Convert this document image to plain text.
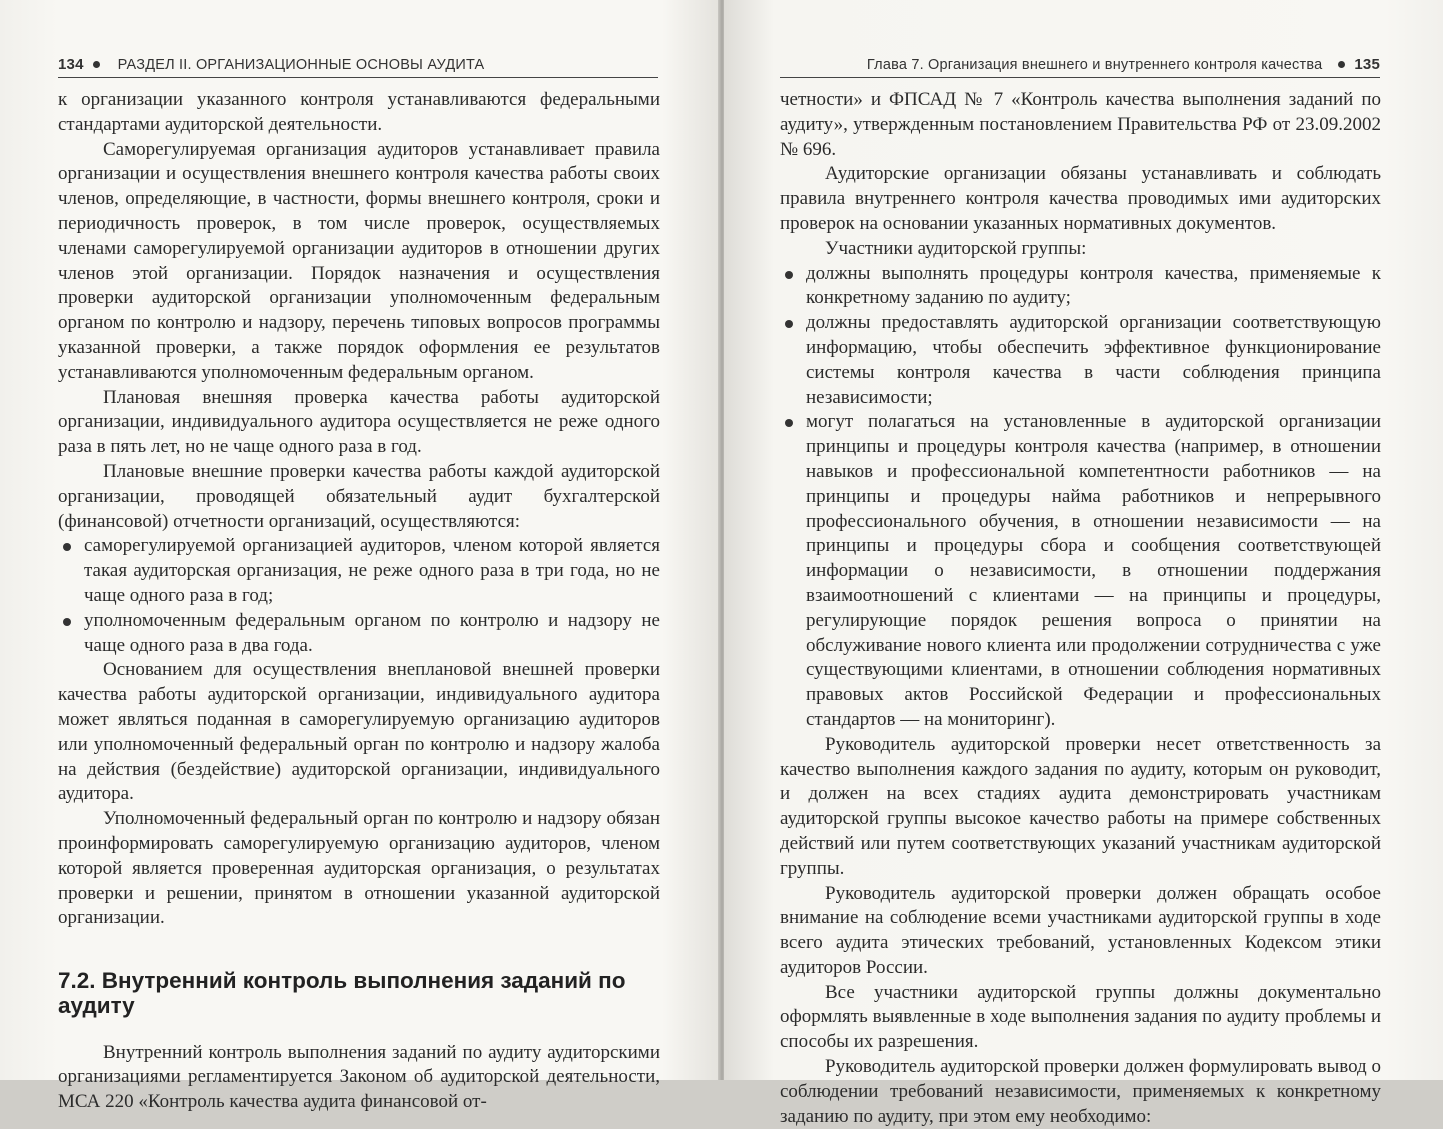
134 РАЗДЕЛ II. ОРГАНИЗАЦИОННЫЕ ОСНОВЫ АУДИТА

к организации указанного контроля устанавливаются федеральными стандартами аудиторской деятельности.

Саморегулируемая организация аудиторов устанавливает правила организации и осуществления внешнего контроля качества работы своих членов, определяющие, в частности, формы внешнего контроля, сроки и периодичность проверок, в том числе проверок, осуществляемых членами саморегулируемой организации аудиторов в отношении других членов этой организации. Порядок назначения и осуществления проверки аудиторской организации уполномоченным федеральным органом по контролю и надзору, перечень типовых вопросов программы указанной проверки, а также порядок оформления ее результатов устанавливаются уполномоченным федеральным органом.

Плановая внешняя проверка качества работы аудиторской организации, индивидуального аудитора осуществляется не реже одного раза в пять лет, но не чаще одного раза в год.

Плановые внешние проверки качества работы каждой аудиторской организации, проводящей обязательный аудит бухгалтерской (финансовой) отчетности организаций, осуществляются:

саморегулируемой организацией аудиторов, членом которой является такая аудиторская организация, не реже одного раза в три года, но не чаще одного раза в год;
уполномоченным федеральным органом по контролю и надзору не чаще одного раза в два года.

Основанием для осуществления внеплановой внешней проверки качества работы аудиторской организации, индивидуального аудитора может являться поданная в саморегулируемую организацию аудиторов или уполномоченный федеральный орган по контролю и надзору жалоба на действия (бездействие) аудиторской организации, индивидуального аудитора.

Уполномоченный федеральный орган по контролю и надзору обязан проинформировать саморегулируемую организацию аудиторов, членом которой является проверенная аудиторская организация, о результатах проверки и решении, принятом в отношении указанной аудиторской организации.

7.2. Внутренний контроль выполнения заданий по аудиту

Внутренний контроль выполнения заданий по аудиту аудиторскими организациями регламентируется Законом об аудиторской деятельности, МСА 220 «Контроль качества аудита финансовой от-

Глава 7. Организация внешнего и внутреннего контроля качества 135

четности» и ФПСАД № 7 «Контроль качества выполнения заданий по аудиту», утвержденным постановлением Правительства РФ от 23.09.2002 № 696.

Аудиторские организации обязаны устанавливать и соблюдать правила внутреннего контроля качества проводимых ими аудиторских проверок на основании указанных нормативных документов.

Участники аудиторской группы:

должны выполнять процедуры контроля качества, применяемые к конкретному заданию по аудиту;
должны предоставлять аудиторской организации соответствующую информацию, чтобы обеспечить эффективное функционирование системы контроля качества в части соблюдения принципа независимости;
могут полагаться на установленные в аудиторской организации принципы и процедуры контроля качества (например, в отношении навыков и профессиональной компетентности работников — на принципы и процедуры найма работников и непрерывного профессионального обучения, в отношении независимости — на принципы и процедуры сбора и сообщения соответствующей информации о независимости, в отношении поддержания взаимоотношений с клиентами — на принципы и процедуры, регулирующие порядок решения вопроса о принятии на обслуживание нового клиента или продолжении сотрудничества с уже существующими клиентами, в отношении соблюдения нормативных правовых актов Российской Федерации и профессиональных стандартов — на мониторинг).

Руководитель аудиторской проверки несет ответственность за качество выполнения каждого задания по аудиту, которым он руководит, и должен на всех стадиях аудита демонстрировать участникам аудиторской группы высокое качество работы на примере собственных действий или путем соответствующих указаний участникам аудиторской группы.

Руководитель аудиторской проверки должен обращать особое внимание на соблюдение всеми участниками аудиторской группы в ходе всего аудита этических требований, установленных Кодексом этики аудиторов России.

Все участники аудиторской группы должны документально оформлять выявленные в ходе выполнения задания по аудиту проблемы и способы их разрешения.

Руководитель аудиторской проверки должен формулировать вывод о соблюдении требований независимости, применяемых к конкретному заданию по аудиту, при этом ему необходимо:
